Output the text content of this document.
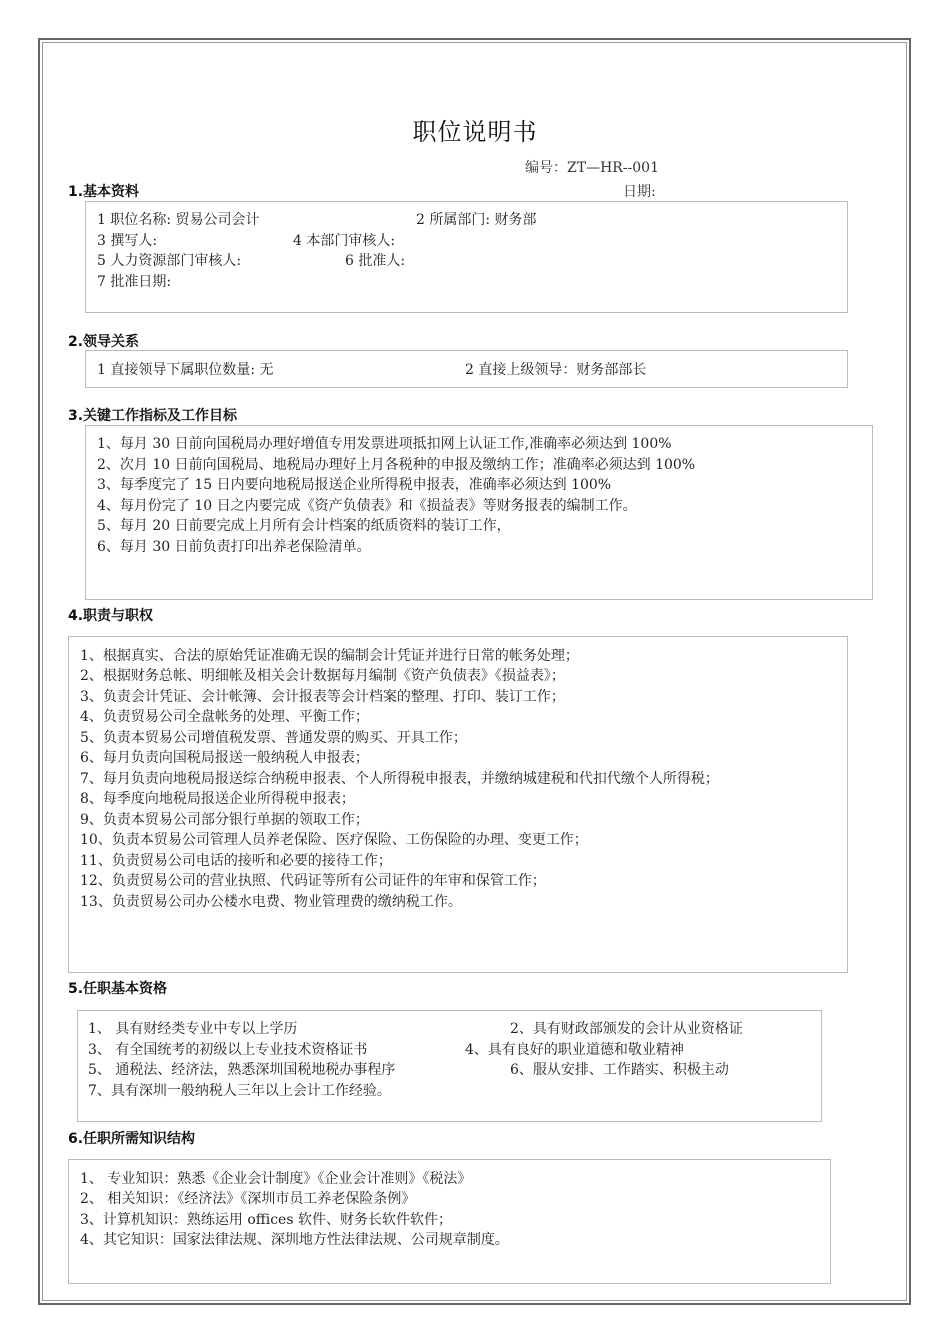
职位说明书
编号：ZT—HR--001
日期:
1.基本资料
1 职位名称: 贸易公司会计	2 所属部门: 财务部
3 撰写人:	4 本部门审核人:
5 人力资源部门审核人:	6 批准人:
7 批准日期:
2.领导关系
1 直接领导下属职位数量: 无	2 直接上级领导：财务部部长
3.关键工作指标及工作目标
1、每月 30 日前向国税局办理好增值专用发票进项抵扣网上认证工作,准确率必须达到 100%
2、次月 10 日前向国税局、地税局办理好上月各税种的申报及缴纳工作；准确率必须达到 100%
3、每季度完了 15 日内要向地税局报送企业所得税申报表，准确率必须达到 100%
4、每月份完了 10 日之内要完成《资产负债表》和《损益表》等财务报表的编制工作。
5、每月 20 日前要完成上月所有会计档案的纸质资料的装订工作，
6、每月 30 日前负责打印出养老保险清单。
4.职责与职权
1、根据真实、合法的原始凭证准确无误的编制会计凭证并进行日常的帐务处理；
2、根据财务总帐、明细帐及相关会计数据每月编制《资产负债表》《损益表》；
3、负责会计凭证、会计帐簿、会计报表等会计档案的整理、打印、装订工作；
4、负责贸易公司全盘帐务的处理、平衡工作；
5、负责本贸易公司增值税发票、普通发票的购买、开具工作；
6、每月负责向国税局报送一般纳税人申报表；
7、每月负责向地税局报送综合纳税申报表、个人所得税申报表，并缴纳城建税和代扣代缴个人所得税；
8、每季度向地税局报送企业所得税申报表；
9、负责本贸易公司部分银行单据的领取工作；
10、负责本贸易公司管理人员养老保险、医疗保险、工伤保险的办理、变更工作；
11、负责贸易公司电话的接听和必要的接待工作；
12、负责贸易公司的营业执照、代码证等所有公司证件的年审和保管工作；
13、负责贸易公司办公楼水电费、物业管理费的缴纳税工作。
5.任职基本资格
1、 具有财经类专业中专以上学历	2、具有财政部颁发的会计从业资格证
3、 有全国统考的初级以上专业技术资格证书	4、具有良好的职业道德和敬业精神
5、 通税法、经济法，熟悉深圳国税地税办事程序	6、服从安排、工作踏实、积极主动
7、具有深圳一般纳税人三年以上会计工作经验。
6.任职所需知识结构
1、 专业知识：熟悉《企业会计制度》《企业会计准则》《税法》
2、 相关知识：《经济法》《深圳市员工养老保险条例》
3、计算机知识：熟练运用 offices 软件、财务长软件软件；
4、其它知识：国家法律法规、深圳地方性法律法规、公司规章制度。
